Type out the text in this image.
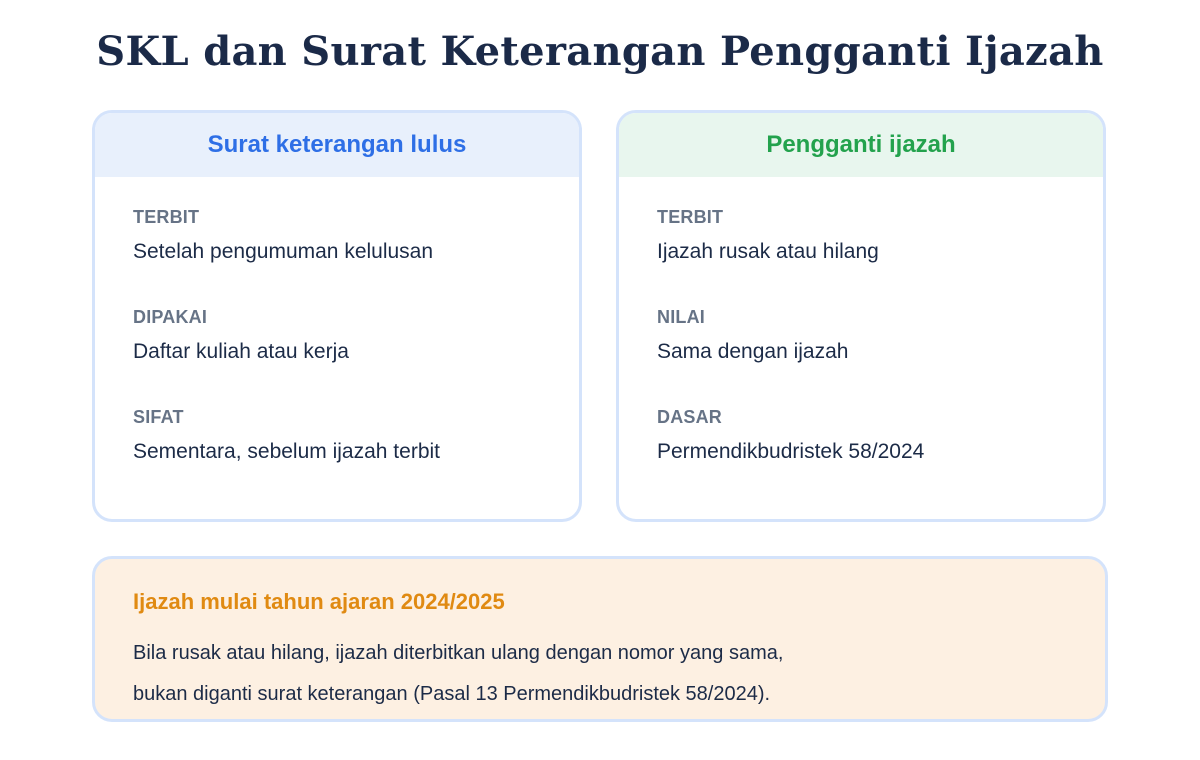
SKL dan Surat Keterangan Pengganti Ijazah
Surat keterangan lulus
TERBIT
Setelah pengumuman kelulusan
DIPAKAI
Daftar kuliah atau kerja
SIFAT
Sementara, sebelum ijazah terbit
Pengganti ijazah
TERBIT
Ijazah rusak atau hilang
NILAI
Sama dengan ijazah
DASAR
Permendikbudristek 58/2024
Ijazah mulai tahun ajaran 2024/2025
Bila rusak atau hilang, ijazah diterbitkan ulang dengan nomor yang sama,
bukan diganti surat keterangan (Pasal 13 Permendikbudristek 58/2024).
